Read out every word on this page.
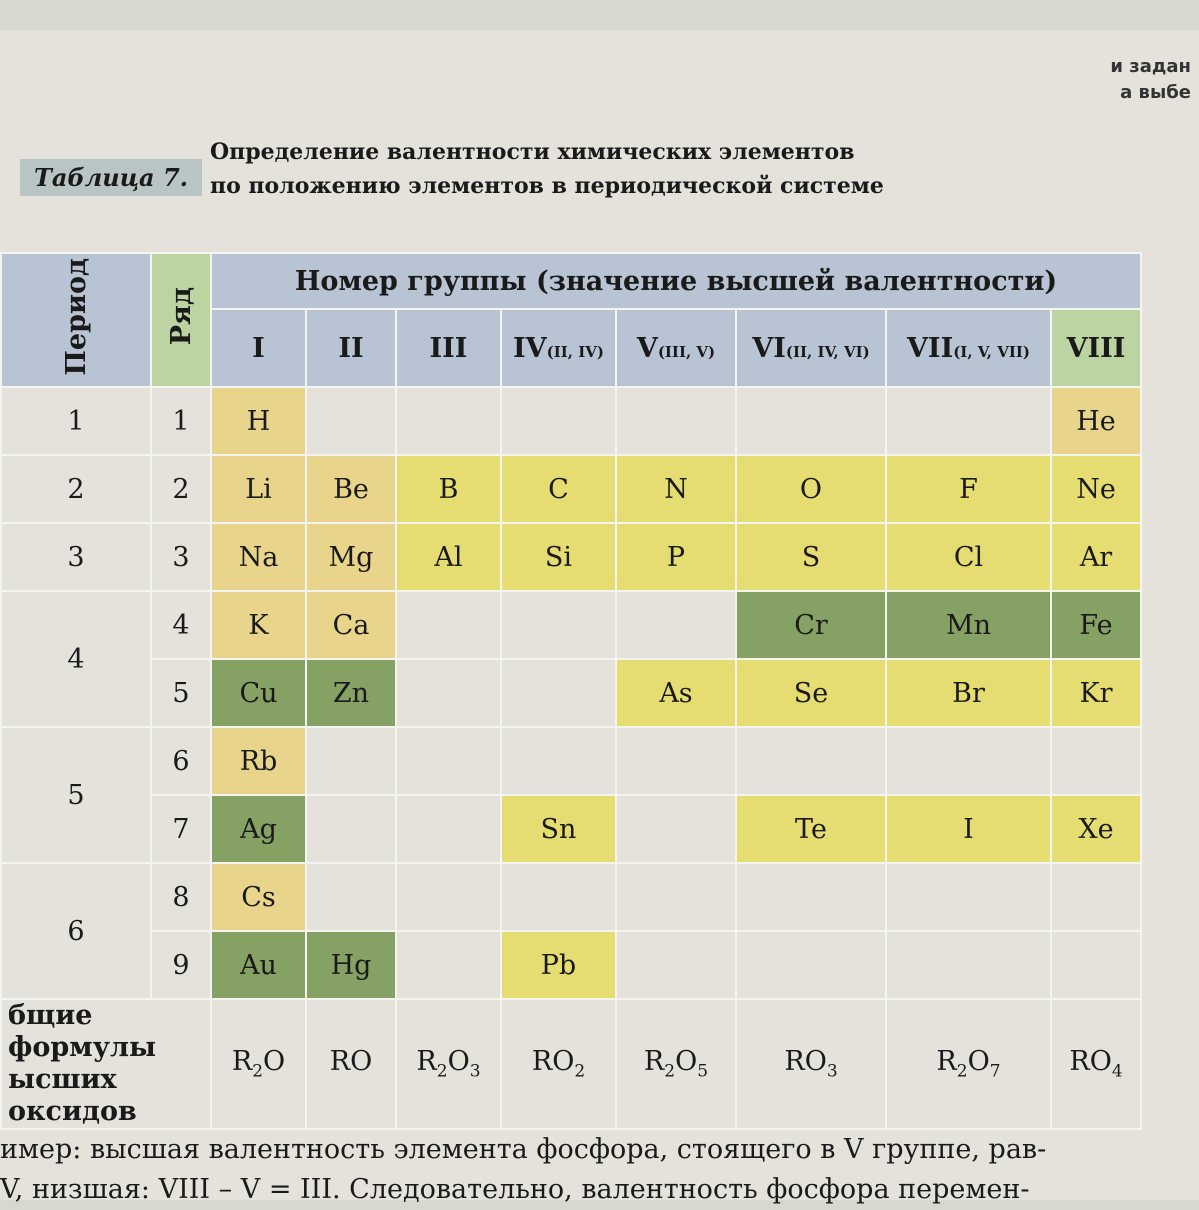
и задан
а выбе
Таблица 7.
Определение валентности химических элементов
по положению элементов в периодической системе
Период	Ряд	Номер группы (значение высшей валентности)							
		I	II	III	IV(II, IV)	V(III, V)	VI(II, IV, VI)	VII(I, V, VII)	VIII
1	1	H							He
2	2	Li	Be	B	C	N	O	F	Ne
3	3	Na	Mg	Al	Si	P	S	Cl	Ar
4	4	K	Ca				Cr	Mn	Fe
	5	Cu	Zn			As	Se	Br	Kr
5	6	Rb							
	7	Ag			Sn		Te	I	Xe
6	8	Cs							
	9	Au	Hg		Pb				

бщие формулы
ысших оксидов		$R_2O$	RO	$R_2O_3$	$RO_2$	$R_2O_5$	$RO_3$	$R_2O_7$	$RO_4$
имер: высшая валентность элемента фосфора, стоящего в V группе, рав-
V, низшая: VIII – V = III. Следовательно, валентность фосфора перемен-
